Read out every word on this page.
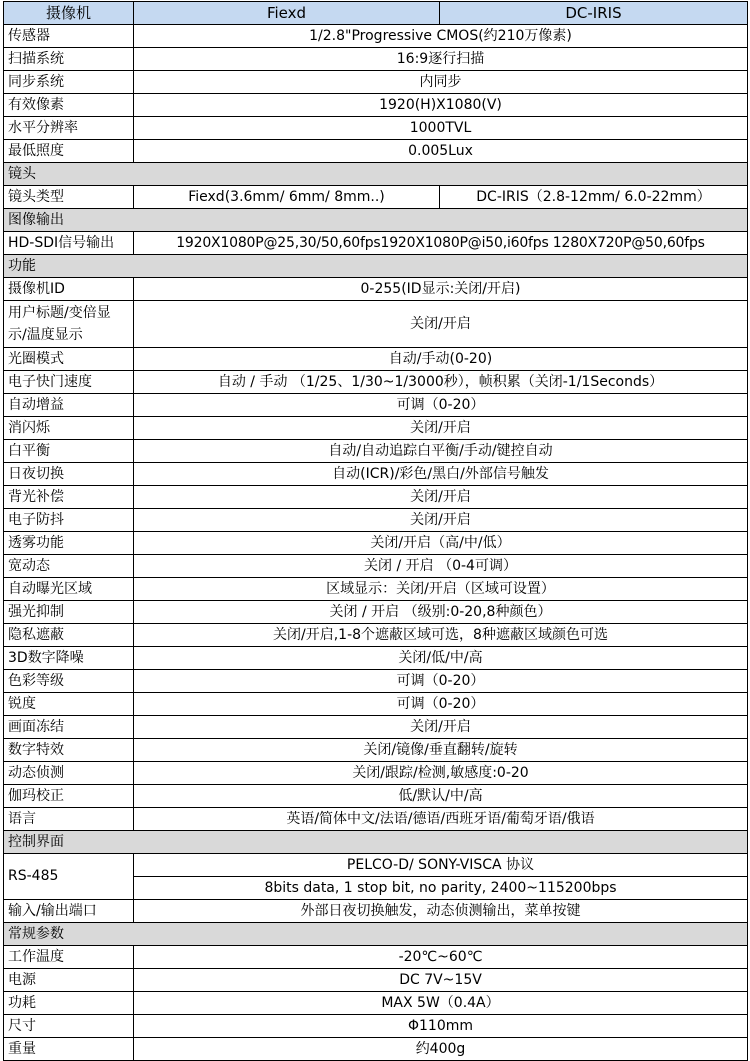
摄像机	Fiexd	DC-IRIS
传感器	1/2.8"Progressive CMOS(约210万像素)	
扫描系统	16:9逐行扫描	
同步系统	内同步	
有效像素	1920(H)X1080(V)	
水平分辨率	1000TVL	
最低照度	0.005Lux	
镜头		
镜头类型	Fiexd(3.6mm/ 6mm/ 8mm..)	DC-IRIS（2.8-12mm/ 6.0-22mm）
图像输出		
HD-SDI信号输出	1920X1080P@25,30/50,60fps1920X1080P@i50,i60fps 1280X720P@50,60fps	
功能		
摄像机ID	0-255(ID显示:关闭/开启)	
用户标题/变倍显
示/温度显示	关闭/开启	
光圈模式	自动/手动(0-20)	
电子快门速度	自动 / 手动 （1/25、1/30~1/3000秒），帧积累（关闭-1/1Seconds）	
自动增益	可调（0-20）	
消闪烁	关闭/开启	
白平衡	自动/自动追踪白平衡/手动/键控自动	
日夜切换	自动(ICR)/彩色/黑白/外部信号触发	
背光补偿	关闭/开启	
电子防抖	关闭/开启	
透雾功能	关闭/开启（高/中/低）	
宽动态	关闭 / 开启 （0-4可调）	
自动曝光区域	区域显示：关闭/开启（区域可设置）	
强光抑制	关闭 / 开启 （级别:0-20,8种颜色）	
隐私遮蔽	关闭/开启,1-8个遮蔽区域可选，8种遮蔽区域颜色可选	
3D数字降噪	关闭/低/中/高	
色彩等级	可调（0-20）	
锐度	可调（0-20）	
画面冻结	关闭/开启	
数字特效	关闭/镜像/垂直翻转/旋转	
动态侦测	关闭/跟踪/检测,敏感度:0-20	
伽玛校正	低/默认/中/高	
语言	英语/简体中文/法语/德语/西班牙语/葡萄牙语/俄语	
控制界面		
RS-485	PELCO-D/ SONY-VISCA 协议	
	8bits data, 1 stop bit, no parity, 2400~115200bps	
输入/输出端口	外部日夜切换触发，动态侦测输出，菜单按键	
常规参数		
工作温度	-20℃~60℃	
电源	DC 7V~15V	
功耗	MAX 5W（0.4A）	
尺寸	Φ110mm	
重量	约400g	
